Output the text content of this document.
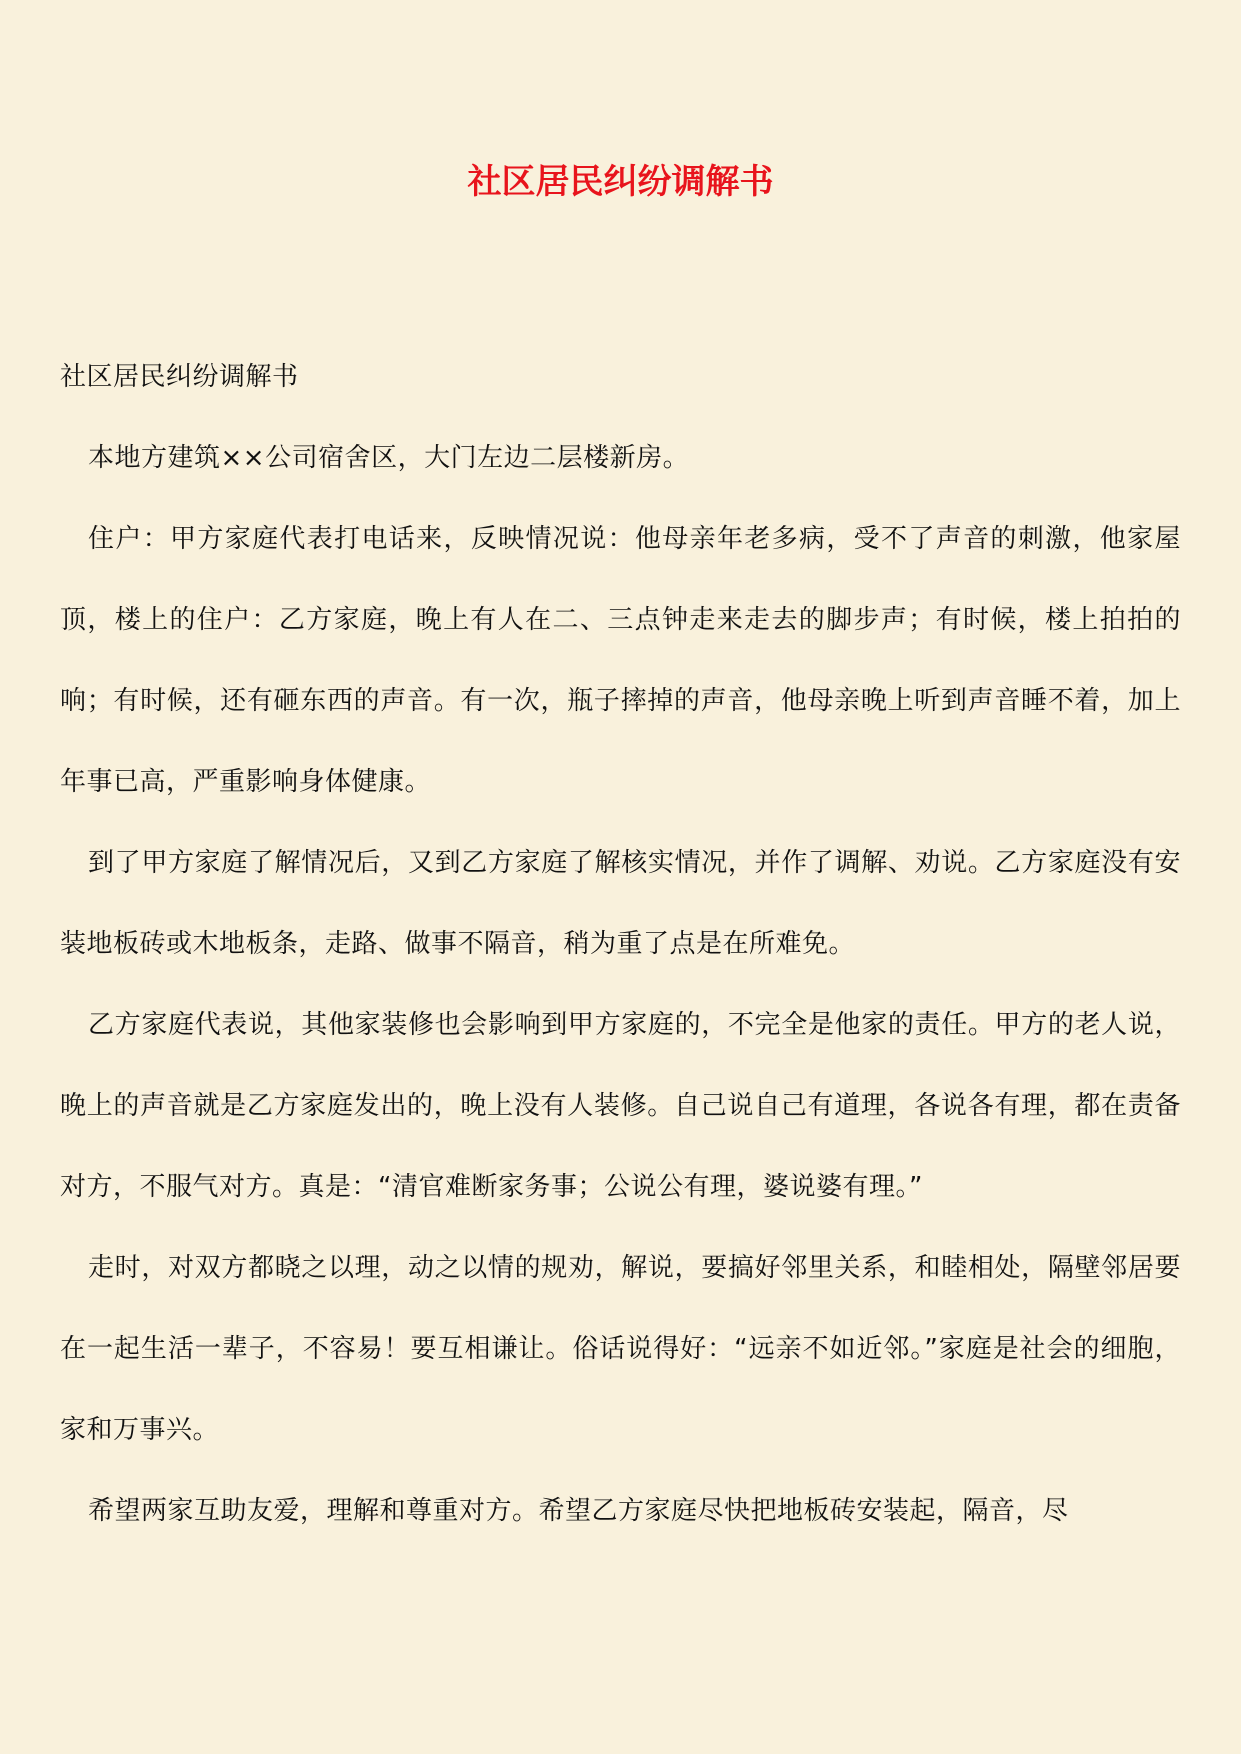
社区居民纠纷调解书

社区居民纠纷调解书

本地方建筑××公司宿舍区，大门左边二层楼新房。

住户：甲方家庭代表打电话来，反映情况说：他母亲年老多病，受不了声音的刺激，他家屋顶，楼上的住户：乙方家庭，晚上有人在二、三点钟走来走去的脚步声；有时候，楼上拍拍的响；有时候，还有砸东西的声音。有一次，瓶子摔掉的声音，他母亲晚上听到声音睡不着，加上年事已高，严重影响身体健康。

到了甲方家庭了解情况后，又到乙方家庭了解核实情况，并作了调解、劝说。乙方家庭没有安装地板砖或木地板条，走路、做事不隔音，稍为重了点是在所难免。

乙方家庭代表说，其他家装修也会影响到甲方家庭的，不完全是他家的责任。甲方的老人说，晚上的声音就是乙方家庭发出的，晚上没有人装修。自己说自己有道理，各说各有理，都在责备对方，不服气对方。真是：“清官难断家务事；公说公有理，婆说婆有理。”

走时，对双方都晓之以理，动之以情的规劝，解说，要搞好邻里关系，和睦相处，隔壁邻居要在一起生活一辈子，不容易！要互相谦让。俗话说得好：“远亲不如近邻。”家庭是社会的细胞，家和万事兴。

希望两家互助友爱，理解和尊重对方。希望乙方家庭尽快把地板砖安装起，隔音，尽
